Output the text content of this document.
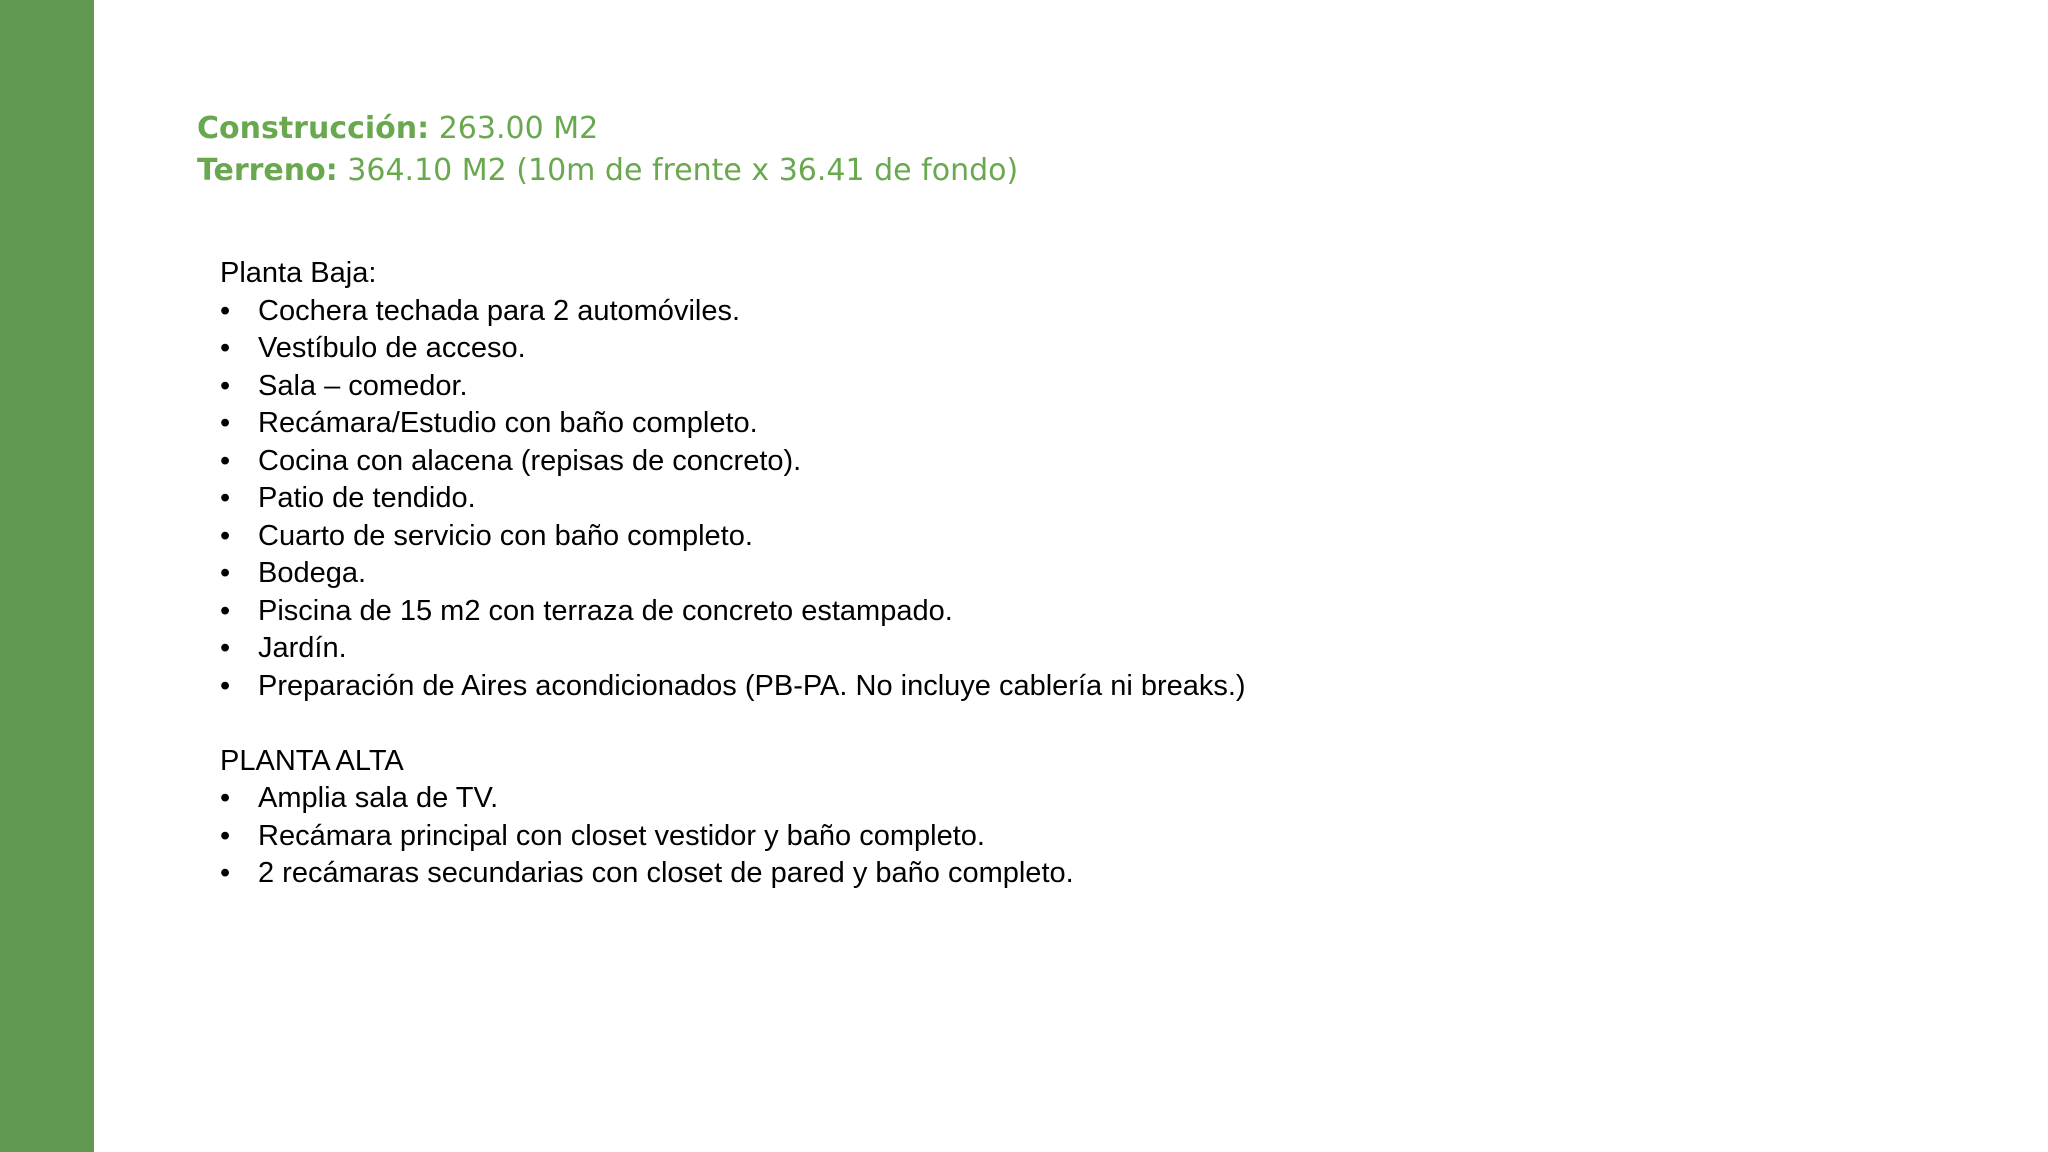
Construcción: 263.00 M2
Terreno: 364.10 M2 (10m de frente x 36.41 de fondo)
Planta Baja:
• Cochera techada para 2 automóviles.
• Vestíbulo de acceso.
• Sala – comedor.
• Recámara/Estudio con baño completo.
• Cocina con alacena (repisas de concreto).
• Patio de tendido.
• Cuarto de servicio con baño completo.
• Bodega.
• Piscina de 15 m2 con terraza de concreto estampado.
• Jardín.
• Preparación de Aires acondicionados (PB-PA. No incluye cablería ni breaks.)
PLANTA ALTA
• Amplia sala de TV.
• Recámara principal con closet vestidor y baño completo.
• 2 recámaras secundarias con closet de pared y baño completo.
